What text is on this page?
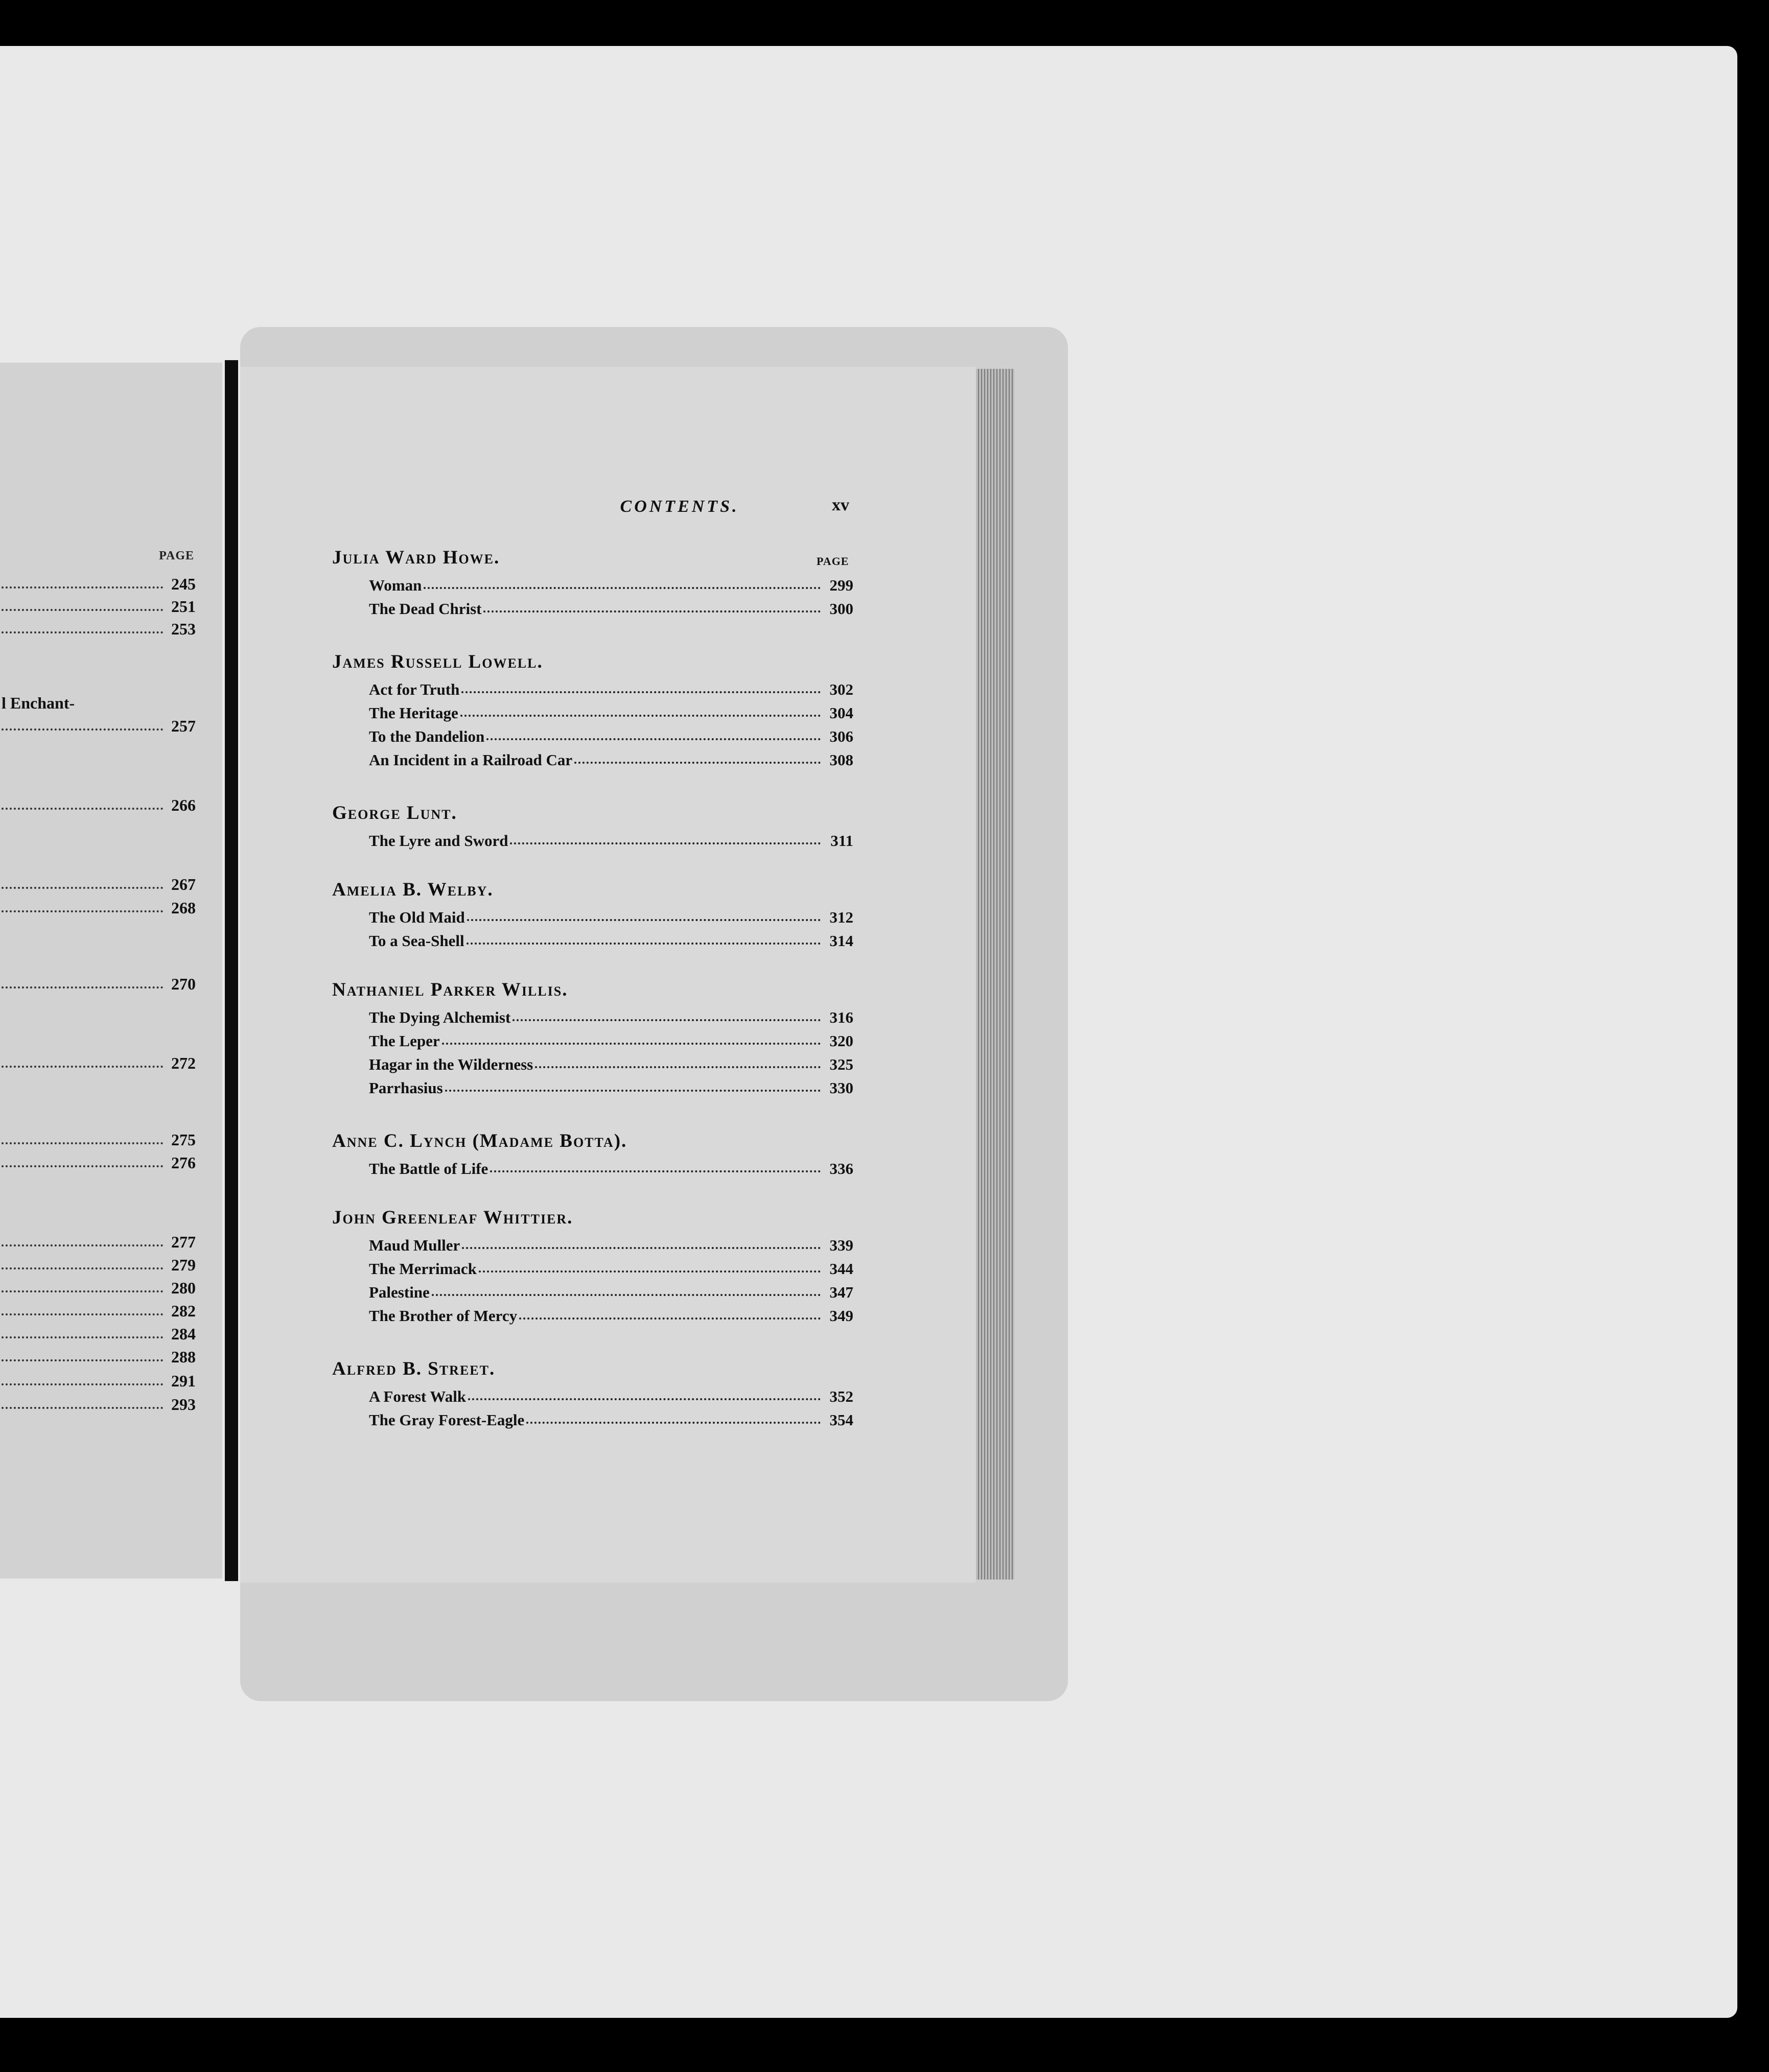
PAGE
245
251
253
l Enchant-
257
266
267
268
270
272
275
276
277
279
280
282
284
288
291
293
CONTENTS.	xv
PAGE
Julia Ward Howe.
Woman	299
The Dead Christ	300
James Russell Lowell.
Act for Truth	302
The Heritage	304
To the Dandelion	306
An Incident in a Railroad Car	308
George Lunt.
The Lyre and Sword	311
Amelia B. Welby.
The Old Maid	312
To a Sea-Shell	314
Nathaniel Parker Willis.
The Dying Alchemist	316
The Leper	320
Hagar in the Wilderness	325
Parrhasius	330
Anne C. Lynch (Madame Botta).
The Battle of Life	336
John Greenleaf Whittier.
Maud Muller	339
The Merrimack	344
Palestine	347
The Brother of Mercy	349
Alfred B. Street.
A Forest Walk	352
The Gray Forest-Eagle	354
